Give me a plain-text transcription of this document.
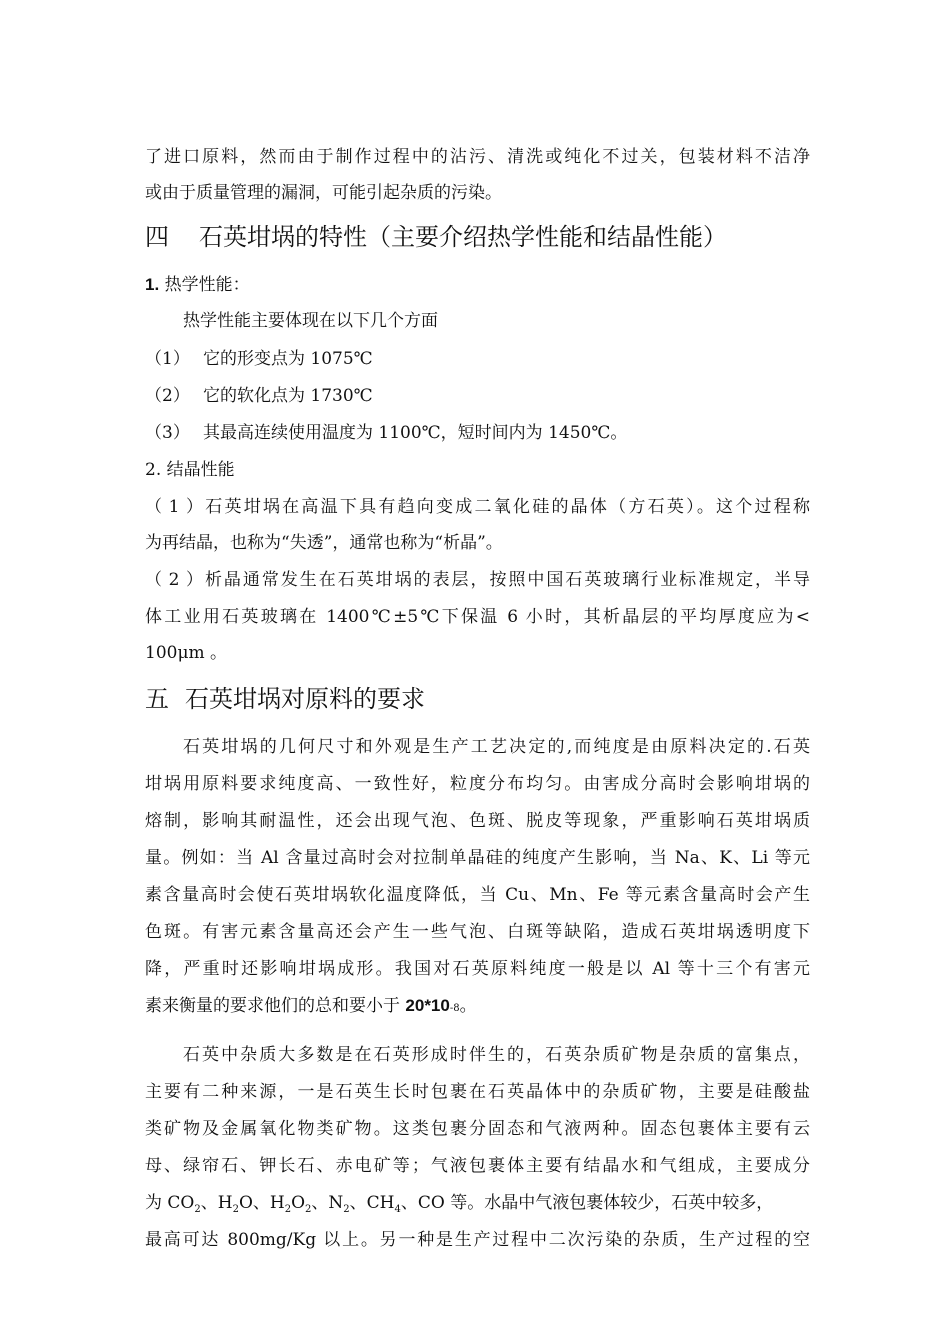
了进口原料，然而由于制作过程中的沾污、清洗或纯化不过关，包装材料不洁净
或由于质量管理的漏洞，可能引起杂质的污染。
四 石英坩埚的特性（主要介绍热学性能和结晶性能）
1. 热学性能：
热学性能主要体现在以下几个方面
（1） 它的形变点为 1075℃
（2） 它的软化点为 1730℃
（3） 其最高连续使用温度为 1100℃，短时间内为 1450℃。
2. 结晶性能
（1）石英坩埚在高温下具有趋向变成二氧化硅的晶体（方石英）。这个过程称
为再结晶，也称为“失透”，通常也称为“析晶”。
（2）析晶通常发生在石英坩埚的表层，按照中国石英玻璃行业标准规定，半导
体工业用石英玻璃在 1400℃±5℃下保温 6 小时，其析晶层的平均厚度应为<
100μm 。
五 石英坩埚对原料的要求
石英坩埚的几何尺寸和外观是生产工艺决定的,而纯度是由原料决定的.石英
坩埚用原料要求纯度高、一致性好，粒度分布均匀。由害成分高时会影响坩埚的
熔制，影响其耐温性，还会出现气泡、色斑、脱皮等现象，严重影响石英坩埚质
量。例如：当 Al 含量过高时会对拉制单晶硅的纯度产生影响，当 Na、K、Li 等元
素含量高时会使石英坩埚软化温度降低，当 Cu、Mn、Fe 等元素含量高时会产生
色斑。有害元素含量高还会产生一些气泡、白斑等缺陷，造成石英坩埚透明度下
降，严重时还影响坩埚成形。我国对石英原料纯度一般是以 Al 等十三个有害元
素来衡量的要求他们的总和要小于 20*10-8。
石英中杂质大多数是在石英形成时伴生的，石英杂质矿物是杂质的富集点，
主要有二种来源，一是石英生长时包裹在石英晶体中的杂质矿物，主要是硅酸盐
类矿物及金属氧化物类矿物。这类包裹分固态和气液两种。固态包裹体主要有云
母、绿帘石、钾长石、赤电矿等；气液包裹体主要有结晶水和气组成，主要成分
为 $CO_2$、$H_2O$、$H_2O_2$、$N_2$、$CH_4$、CO 等。水晶中气液包裹体较少，石英中较多，
最高可达 800mg/Kg 以上。另一种是生产过程中二次污染的杂质，生产过程的空
